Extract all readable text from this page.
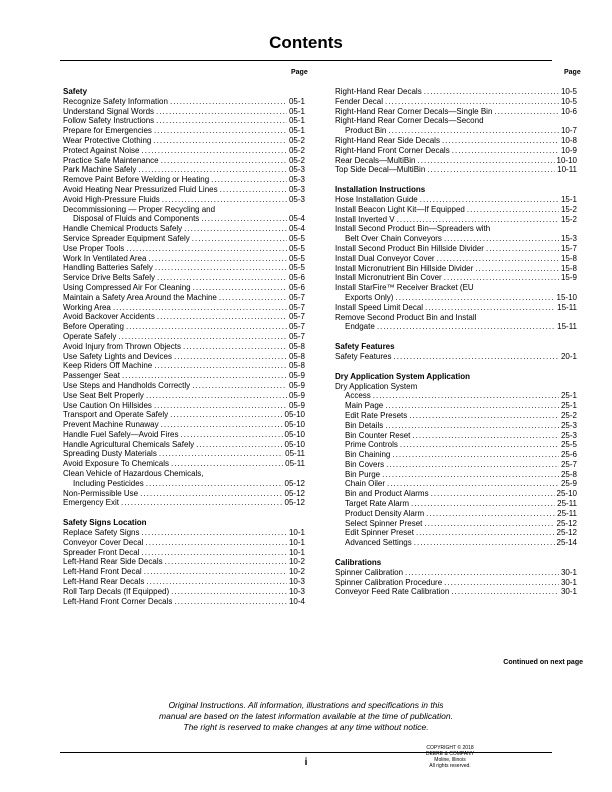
Contents
Page	Page
Safety
Recognize Safety Information . . .	05-1
Understand Signal Words . . .	05-1
Follow Safety Instructions . . .	05-1
Prepare for Emergencies . . .	05-1
Wear Protective Clothing . . .	05-2
Protect Against Noise . . .	05-2
Practice Safe Maintenance . . .	05-2
Park Machine Safely . . .	05-3
Remove Paint Before Welding or Heating . . .	05-3
Avoid Heating Near Pressurized Fluid Lines . . .	05-3
Avoid High-Pressure Fluids . . .	05-3
Decommissioning — Proper Recycling and
Disposal of Fluids and Components . . .	05-4
Handle Chemical Products Safely . . .	05-4
Service Spreader Equipment Safely . . .	05-5
Use Proper Tools . . .	05-5
Work In Ventilated Area . . .	05-5
Handling Batteries Safely . . .	05-5
Service Drive Belts Safely . . .	05-6
Using Compressed Air For Cleaning . . .	05-6
Maintain a Safety Area Around the Machine . . .	05-7
Working Area . . .	05-7
Avoid Backover Accidents . . .	05-7
Before Operating . . .	05-7
Operate Safely . . .	05-7
Avoid Injury from Thrown Objects . . .	05-8
Use Safety Lights and Devices . . .	05-8
Keep Riders Off Machine . . .	05-8
Passenger Seat . . .	05-9
Use Steps and Handholds Correctly . . .	05-9
Use Seat Belt Properly . . .	05-9
Use Caution On Hillsides . . .	05-9
Transport and Operate Safely . . .	05-10
Prevent Machine Runaway . . .	05-10
Handle Fuel Safely—Avoid Fires . . .	05-10
Handle Agricultural Chemicals Safely . . .	05-10
Spreading Dusty Materials . . .	05-11
Avoid Exposure To Chemicals . . .	05-11
Clean Vehicle of Hazardous Chemicals,
Including Pesticides . . .	05-12
Non-Permissible Use . . .	05-12
Emergency Exit . . .	05-12
Safety Signs Location
Replace Safety Signs . . .	10-1
Conveyor Cover Decal . . .	10-1
Spreader Front Decal . . .	10-1
Left-Hand Rear Side Decals . . .	10-2
Left-Hand Front Decal . . .	10-2
Left-Hand Rear Decals . . .	10-3
Roll Tarp Decals (If Equipped) . . .	10-3
Left-Hand Front Corner Decals . . .	10-4
Right-Hand Rear Decals . . .	10-5
Fender Decal . . .	10-5
Right-Hand Rear Corner Decals—Single Bin . . .	10-6
Right-Hand Rear Corner Decals—Second
Product Bin . . .	10-7
Right-Hand Rear Side Decals . . .	10-8
Right-Hand Front Corner Decals . . .	10-9
Rear Decals—MultiBin . . .	10-10
Top Side Decal—MultiBin . . .	10-11
Installation Instructions
Hose Installation Guide . . .	15-1
Install Beacon Light Kit—If Equipped . . .	15-2
Install Inverted V . . .	15-2
Install Second Product Bin—Spreaders with
Belt Over Chain Conveyors . . .	15-3
Install Second Product Bin Hillside Divider . . .	15-7
Install Dual Conveyor Cover . . .	15-8
Install Micronutrient Bin Hillside Divider . . .	15-8
Install Micronutrient Bin Cover . . .	15-9
Install StarFire™ Receiver Bracket (EU
Exports Only) . . .	15-10
Install Speed Limit Decal . . .	15-11
Remove Second Product Bin and Install
Endgate . . .	15-11
Safety Features
Safety Features . . .	20-1
Dry Application System Application
Dry Application System
Access . . .	25-1
Main Page . . .	25-1
Edit Rate Presets . . .	25-2
Bin Details . . .	25-3
Bin Counter Reset . . .	25-3
Prime Controls . . .	25-5
Bin Chaining . . .	25-6
Bin Covers . . .	25-7
Bin Purge . . .	25-8
Chain Oiler . . .	25-9
Bin and Product Alarms . . .	25-10
Target Rate Alarm . . .	25-11
Product Density Alarm . . .	25-11
Select Spinner Preset . . .	25-12
Edit Spinner Preset . . .	25-12
Advanced Settings . . .	25-14
Calibrations
Spinner Calibration . . .	30-1
Spinner Calibration Procedure . . .	30-1
Conveyor Feed Rate Calibration . . .	30-1
Continued on next page
Original Instructions. All information, illustrations and specifications in this
manual are based on the latest information available at the time of publication.
The right is reserved to make changes at any time without notice.
COPYRIGHT © 2018
DEERE & COMPANY
Moline, Illinois
All rights reserved.
i
